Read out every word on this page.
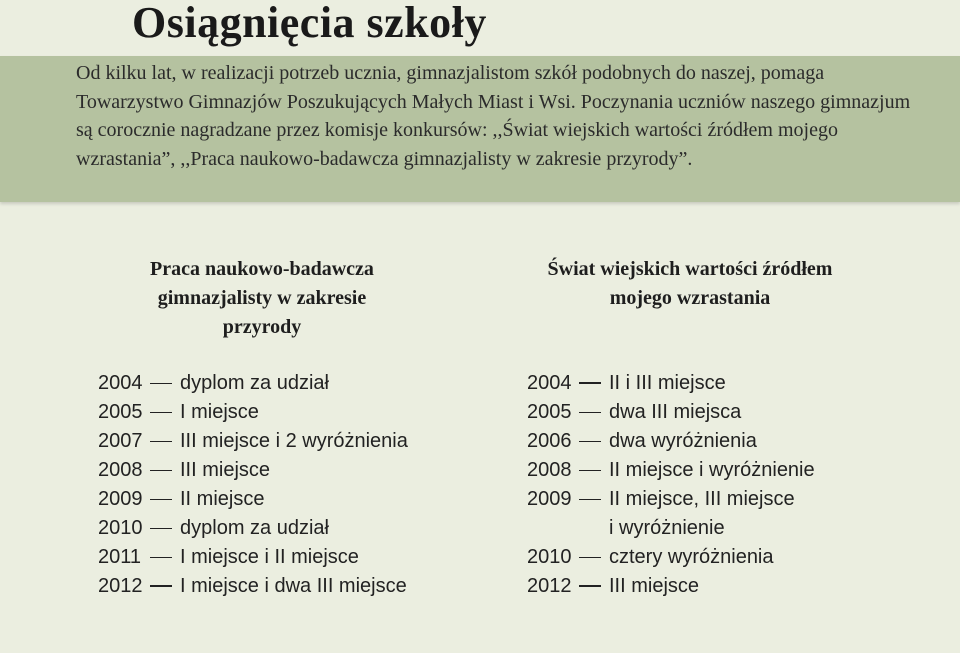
Osiągnięcia szkoły

Od kilku lat, w realizacji potrzeb ucznia, gimnazjalistom szkół podobnych do naszej, pomaga Towarzystwo Gimnazjów Poszukujących Małych Miast i Wsi. Poczynania uczniów naszego gimnazjum są corocznie nagradzane przez komisje konkursów: ,,Świat wiejskich wartości źródłem mojego wzrastania”, ,,Praca naukowo-badawcza gimnazjalisty w zakresie przyrody”.

Praca naukowo-badawcza
gimnazjalisty w zakresie
przyrody
2004 dyplom za udział
2005 I miejsce
2007 III miejsce i 2 wyróżnienia
2008 III miejsce
2009 II miejsce
2010 dyplom za udział
2011	I miejsce i II miejsce
2012 I miejsce i dwa III miejsce
Świat wiejskich wartości źródłem
mojego wzrastania
2004 II i III miejsce
2005 dwa III miejsca
2006 dwa wyróżnienia
2008 II miejsce i wyróżnienie
2009 II miejsce, III miejsce
i wyróżnienie
2010 cztery wyróżnienia
2012 III miejsce
